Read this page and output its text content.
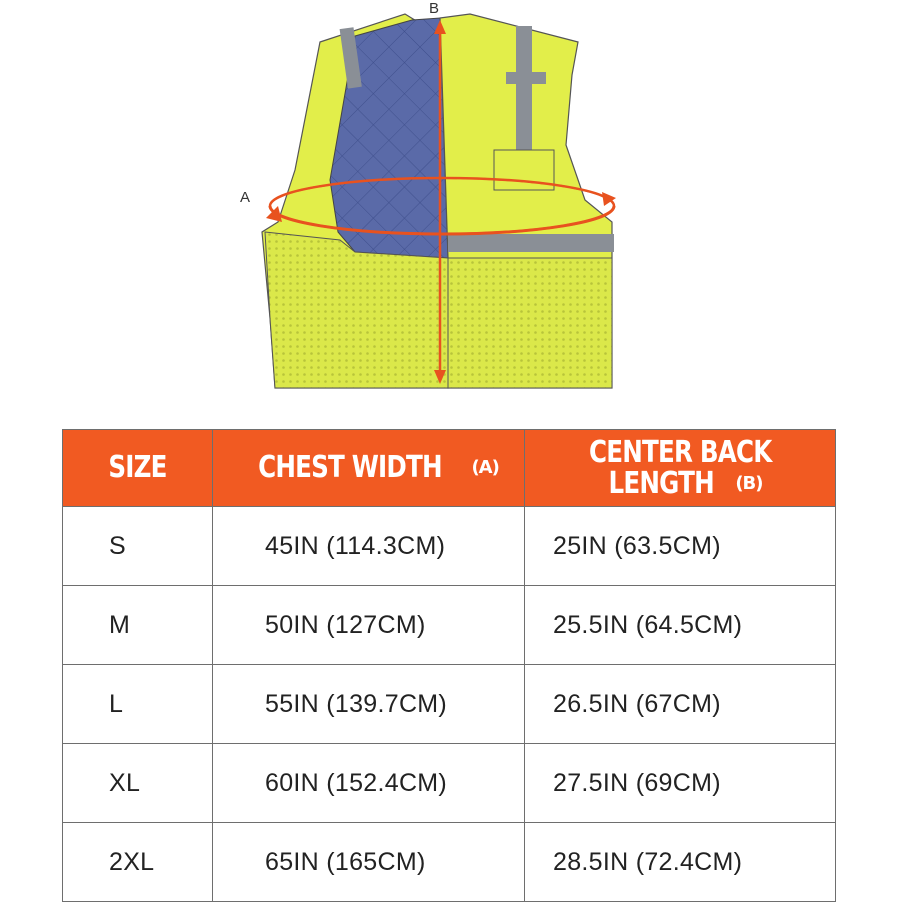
A
B
SIZE	CHEST WIDTH (A)	CENTER BACK
LENGTH (B)
S	45IN (114.3CM)	25IN (63.5CM)
M	50IN (127CM)	25.5IN (64.5CM)
L	55IN (139.7CM)	26.5IN (67CM)
XL	60IN (152.4CM)	27.5IN (69CM)
2XL	65IN (165CM)	28.5IN (72.4CM)
